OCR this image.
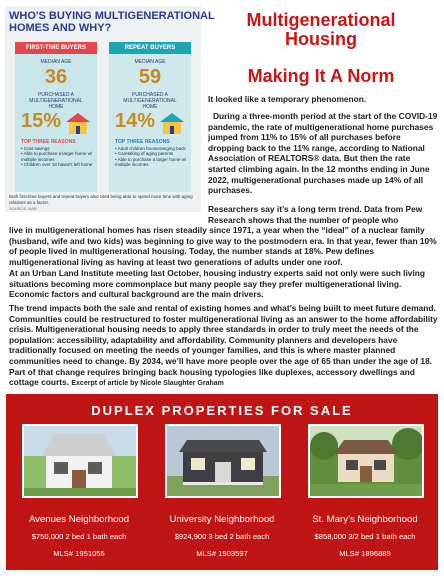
WHO'S BUYING MULTIGENERATIONAL
HOMES AND WHY?
FIRST-TIME BUYERS
MEDIAN AGE
36
PURCHASED A MULTIGENERATIONAL HOME
15%
TOP THREE REASONS
• Cost savings
• Able to purchase a larger home w/ multiple incomes
• Children over 18 haven't left home
REPEAT BUYERS
MEDIAN AGE
59
PURCHASED A MULTIGENERATIONAL HOME
14%
TOP THREE REASONS
• Adult children boomeranging back
• Caretaking of aging parents
• Able to purchase a larger home w/ multiple incomes
Both first-time buyers and repeat buyers also cited being able to spend more time with aging relatives as a factor.
SOURCE: NAR
Multigenerational
Housing
Making It A Norm

It looked like a temporary phenomenon.

During a three-month period at the start of the COVID-19 pandemic, the rate of multigenerational home purchases jumped from 11% to 15% of all purchases before dropping back to the 11% range, according to National Association of REALTORS® data. But then the rate started climbing again. In the 12 months ending in June 2022, multigenerational purchases made up 14% of all purchases.

Researchers say it’s a long term trend. Data from Pew Research shows that the number of people who

live in multigenerational homes has risen steadily since 1971, a year when the “ideal” of a nuclear family (husband, wife and two kids) was beginning to give way to the postmodern era. In that year, fewer than 10% of people lived in multigenerational housing. Today, the number stands at 18%. Pew defines multigenerational living as having at least two generations of adults under one roof.

At an Urban Land Institute meeting last October, housing industry experts said not only were such living situations becoming more commonplace but many people say they prefer multigenerational living. Economic factors and cultural background are the main drivers.

The trend impacts both the sale and rental of existing homes and what’s being built to meet future demand. Communities could be restructured to foster multigenerational living as an answer to the home affordability crisis. Multigenerational housing needs to apply three standards in order to truly meet the needs of the population: accessibility, adaptability and affordability. Community planners and developers have traditionally focused on meeting the needs of younger families, and this is where master planned communities need to change. By 2034, we’ll have more people over the age of 65 than under the age of 18. Part of that change requires bringing back housing typologies like duplexes, accessory dwellings and cottage courts. Excerpt of article by Nicole Slaughter Graham

DUPLEX PROPERTIES FOR SALE
Avenues Neighborhood
$750,000 2 bed 1 bath each
MLS# 1951056
University Neighborhood
$924,900 3 bed 2 bath each
MLS# 1903597
St. Mary’s Neighborhood
$858,000 3/2 bed 1 bath each
MLS# 1896889
